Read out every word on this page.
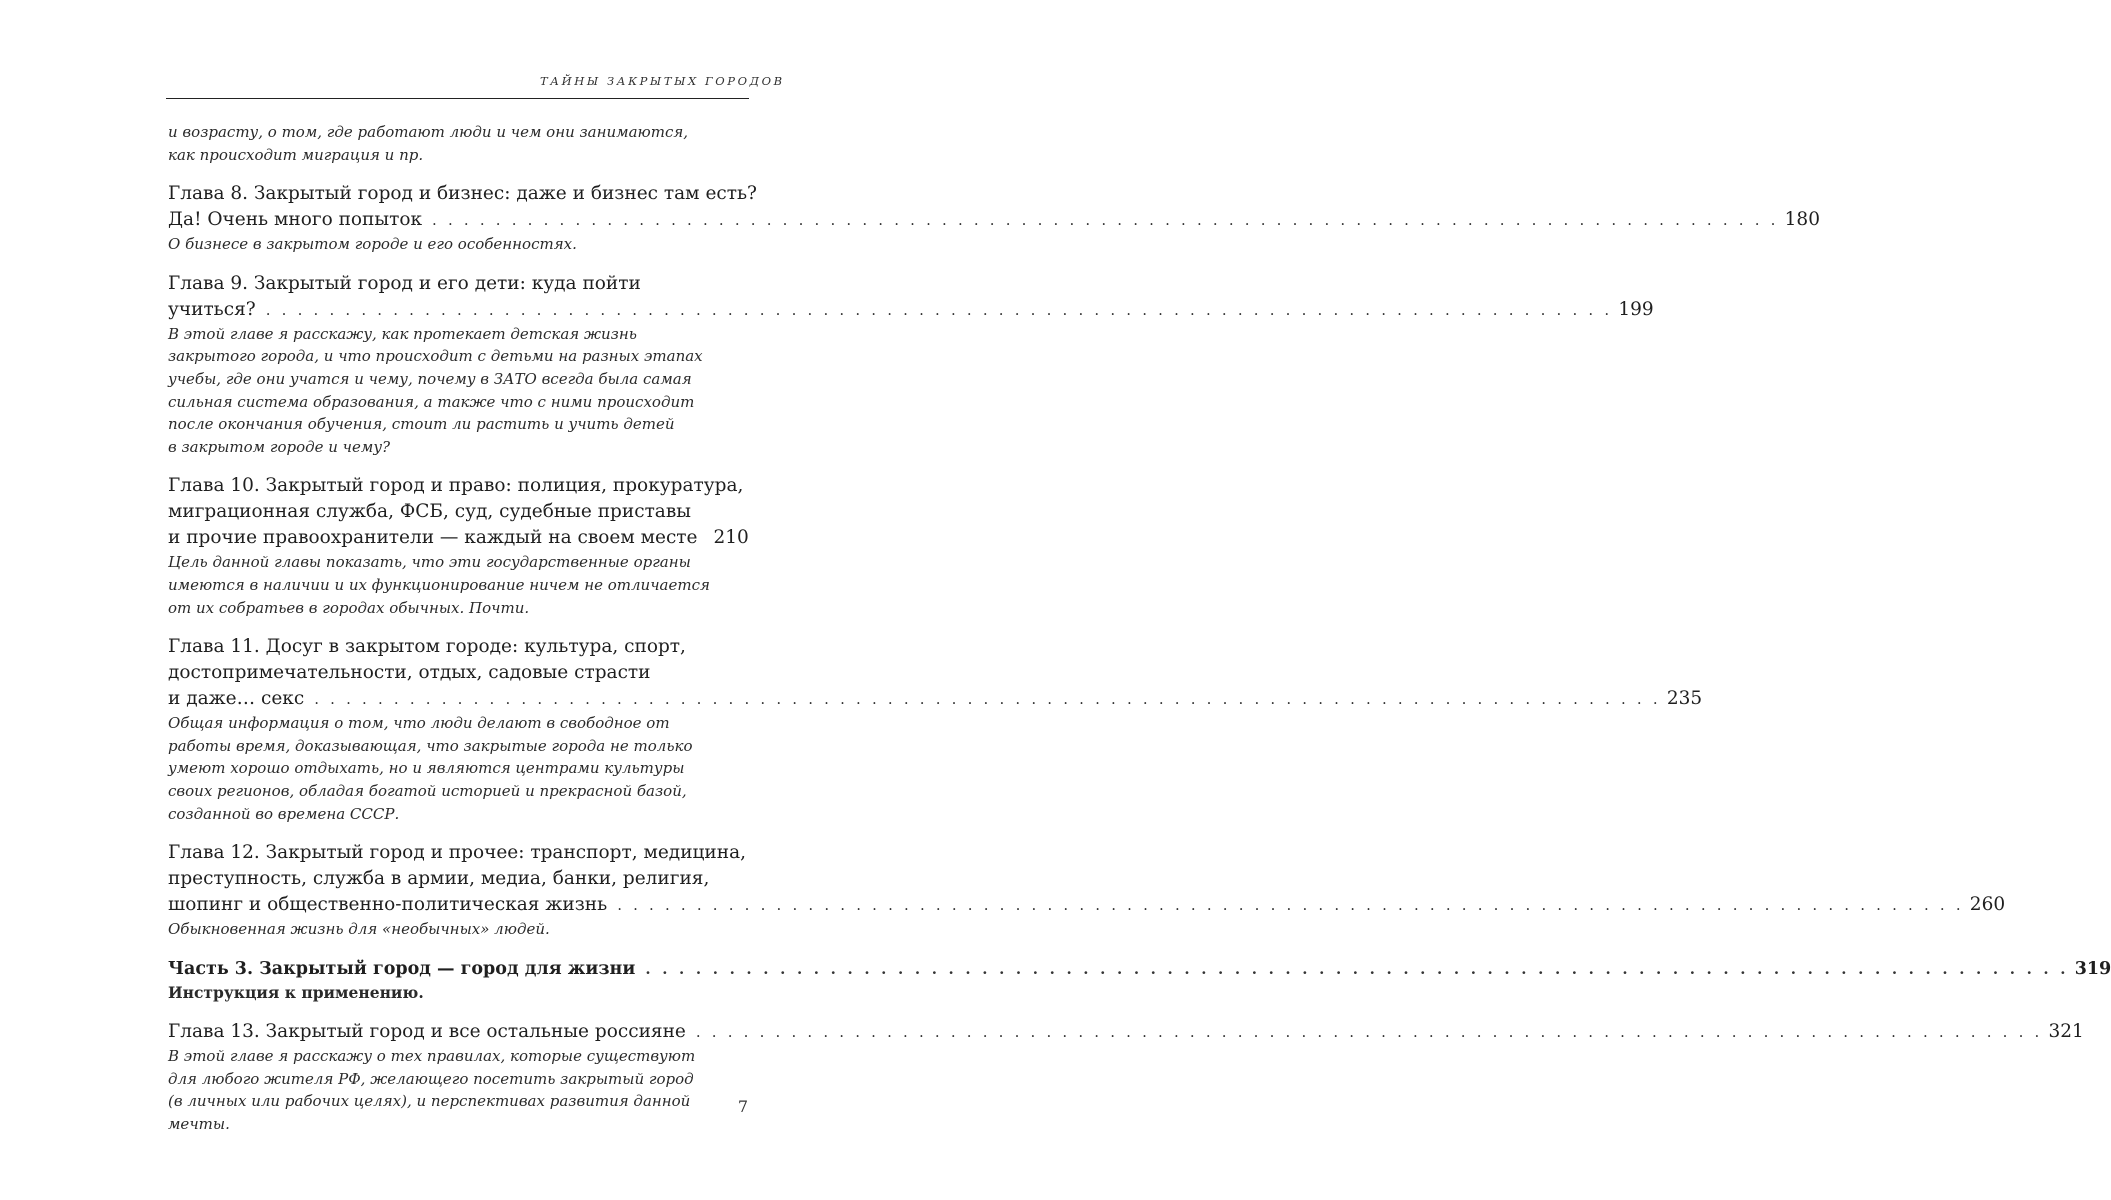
ТАЙНЫ ЗАКРЫТЫХ ГОРОДОВ
и возрасту, о том, где работают люди и чем они занимаются,
как происходит миграция и пр.
Глава 8. Закрытый город и бизнес: даже и бизнес там есть?
Да! Очень много попыток . . . . . . . . . . . . . . . . . . . . . . . . . . . . . . . . . . . . . . . . . . . . . . . . . . . . . . . . . . . . . . . . . . . . . . . . . . . . . . . . . . . . . 180
О бизнесе в закрытом городе и его особенностях.
Глава 9. Закрытый город и его дети: куда пойти
учиться? . . . . . . . . . . . . . . . . . . . . . . . . . . . . . . . . . . . . . . . . . . . . . . . . . . . . . . . . . . . . . . . . . . . . . . . . . . . . . . . . . . . . . 199
В этой главе я расскажу, как протекает детская жизнь
закрытого города, и что происходит с детьми на разных этапах
учебы, где они учатся и чему, почему в ЗАТО всегда была самая
сильная система образования, а также что с ними происходит
после окончания обучения, стоит ли растить и учить детей
в закрытом городе и чему?
Глава 10. Закрытый город и право: полиция, прокуратура,
миграционная служба, ФСБ, суд, судебные приставы
и прочие правоохранители — каждый на своем месте 210
Цель данной главы показать, что эти государственные органы
имеются в наличии и их функционирование ничем не отличается
от их собратьев в городах обычных. Почти.
Глава 11. Досуг в закрытом городе: культура, спорт,
достопримечательности, отдых, садовые страсти
и даже… секс . . . . . . . . . . . . . . . . . . . . . . . . . . . . . . . . . . . . . . . . . . . . . . . . . . . . . . . . . . . . . . . . . . . . . . . . . . . . . . . . . . . . . 235
Общая информация о том, что люди делают в свободное от
работы время, доказывающая, что закрытые города не только
умеют хорошо отдыхать, но и являются центрами культуры
своих регионов, обладая богатой историей и прекрасной базой,
созданной во времена СССР.
Глава 12. Закрытый город и прочее: транспорт, медицина,
преступность, служба в армии, медиа, банки, религия,
шопинг и общественно-политическая жизнь . . . . . . . . . . . . . . . . . . . . . . . . . . . . . . . . . . . . . . . . . . . . . . . . . . . . . . . . . . . . . . . . . . . . . . . . . . . . . . . . . . . . . 260
Обыкновенная жизнь для «необычных» людей.
Часть 3. Закрытый город — город для жизни . . . . . . . . . . . . . . . . . . . . . . . . . . . . . . . . . . . . . . . . . . . . . . . . . . . . . . . . . . . . . . . . . . . . . . . . . . . . . . . . . . . . . 319
Инструкция к применению.
Глава 13. Закрытый город и все остальные россияне . . . . . . . . . . . . . . . . . . . . . . . . . . . . . . . . . . . . . . . . . . . . . . . . . . . . . . . . . . . . . . . . . . . . . . . . . . . . . . . . . . . . . 321
В этой главе я расскажу о тех правилах, которые существуют
для любого жителя РФ, желающего посетить закрытый город
(в личных или рабочих целях), и перспективах развития данной
мечты.
7
